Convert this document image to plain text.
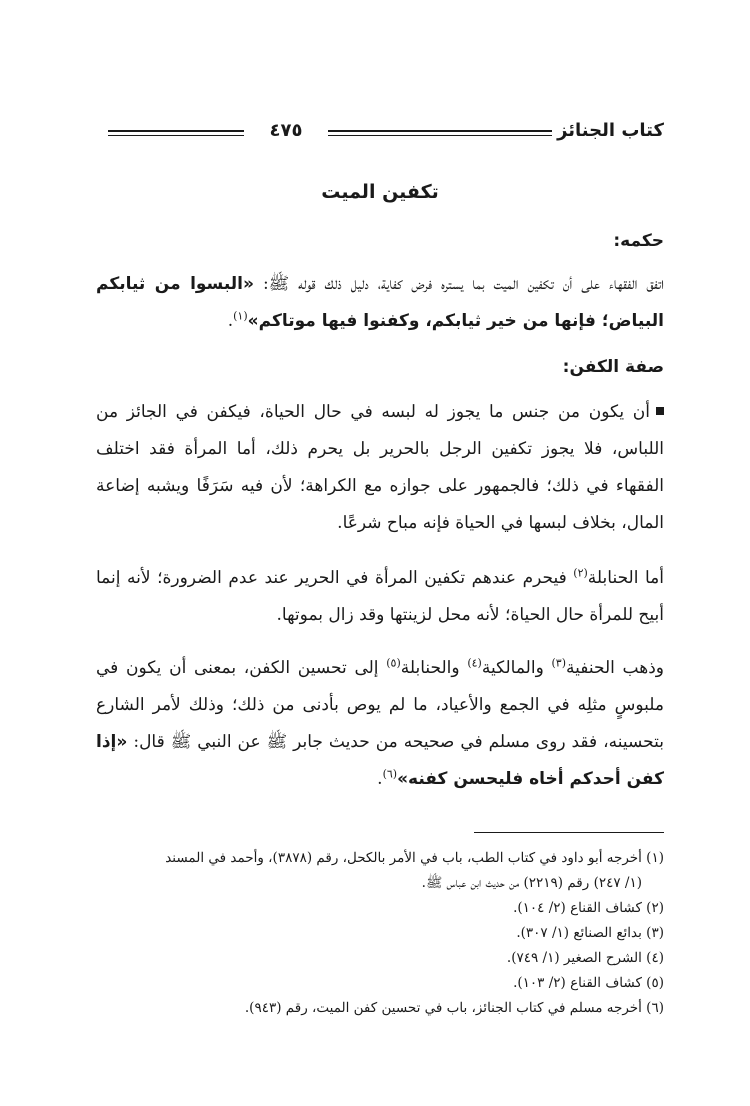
كتاب الجنائز
٤٧٥
تكفين الميت
حكمه:
اتفق الفقهاء على أن تكفين الميت بما يستره فرض كفاية، دليل ذلك قوله ﷺ: «البسوا من ثيابكم البياض؛ فإنها من خير ثيابكم، وكفنوا فيها موتاكم»$^{(١)}$.
صفة الكفن:
أن يكون من جنس ما يجوز له لبسه في حال الحياة، فيكفن في الجائز من اللباس، فلا يجوز تكفين الرجل بالحرير بل يحرم ذلك، أما المرأة فقد اختلف الفقهاء في ذلك؛ فالجمهور على جوازه مع الكراهة؛ لأن فيه سَرَفًا ويشبه إضاعة المال، بخلاف لبسها في الحياة فإنه مباح شرعًا.
أما الحنابلة$^{(٢)}$ فيحرم عندهم تكفين المرأة في الحرير عند عدم الضرورة؛ لأنه إنما أبيح للمرأة حال الحياة؛ لأنه محل لزينتها وقد زال بموتها.
وذهب الحنفية$^{(٣)}$ والمالكية$^{(٤)}$ والحنابلة$^{(٥)}$ إلى تحسين الكفن، بمعنى أن يكون في ملبوسٍ مثلِه في الجمع والأعياد، ما لم يوص بأدنى من ذلك؛ وذلك لأمر الشارع بتحسينه، فقد روى مسلم في صحيحه من حديث جابر ﷺ عن النبي ﷺ قال: «إذا كفن أحدكم أخاه فليحسن كفنه»$^{(٦)}$.

(١) أخرجه أبو داود في كتاب الطب، باب في الأمر بالكحل، رقم (٣٨٧٨)، وأحمد في المسند

(١/ ٢٤٧) رقم (٢٢١٩) من حديث ابن عباس ﷺ.

(٢) كشاف القناع (٢/ ١٠٤).

(٣) بدائع الصنائع (١/ ٣٠٧).

(٤) الشرح الصغير (١/ ٧٤٩).

(٥) كشاف القناع (٢/ ١٠٣).

(٦) أخرجه مسلم في كتاب الجنائز، باب في تحسين كفن الميت، رقم (٩٤٣).
